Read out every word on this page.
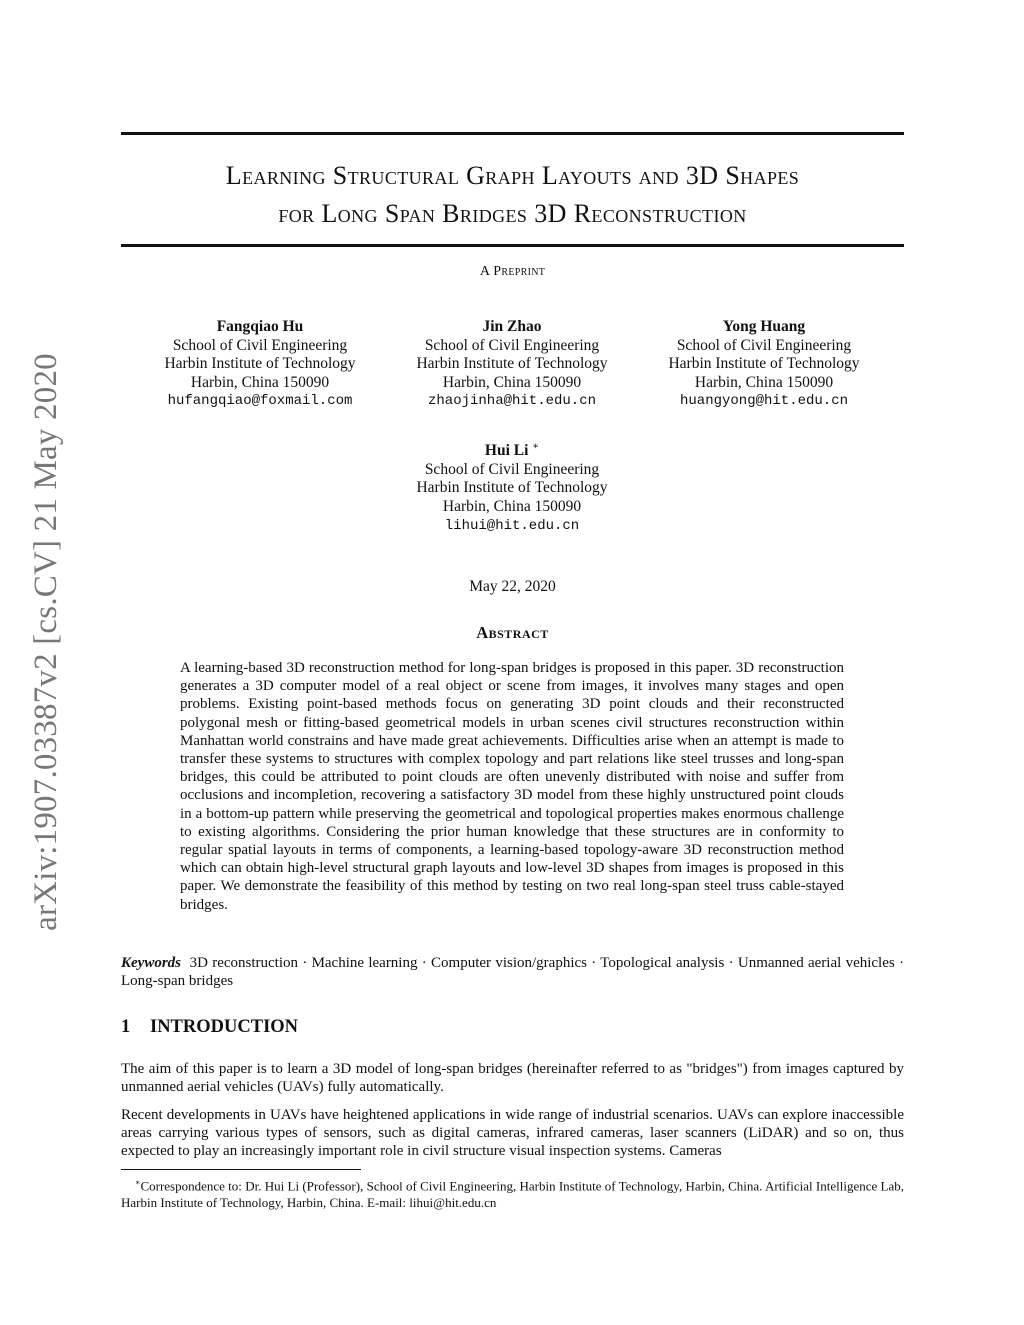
arXiv:1907.03387v2 [cs.CV] 21 May 2020
Learning Structural Graph Layouts and 3D Shapes
for Long Span Bridges 3D Reconstruction
A Preprint
Fangqiao Hu
School of Civil Engineering
Harbin Institute of Technology
Harbin, China 150090
hufangqiao@foxmail.com
Jin Zhao
School of Civil Engineering
Harbin Institute of Technology
Harbin, China 150090
zhaojinha@hit.edu.cn
Yong Huang
School of Civil Engineering
Harbin Institute of Technology
Harbin, China 150090
huangyong@hit.edu.cn
Hui Li ∗
School of Civil Engineering
Harbin Institute of Technology
Harbin, China 150090
lihui@hit.edu.cn
May 22, 2020
Abstract

A learning-based 3D reconstruction method for long-span bridges is proposed in this paper. 3D reconstruction generates a 3D computer model of a real object or scene from images, it involves many stages and open problems. Existing point-based methods focus on generating 3D point clouds and their reconstructed polygonal mesh or fitting-based geometrical models in urban scenes civil structures reconstruction within Manhattan world constrains and have made great achievements. Difficulties arise when an attempt is made to transfer these systems to structures with complex topology and part relations like steel trusses and long-span bridges, this could be attributed to point clouds are often unevenly distributed with noise and suffer from occlusions and incompletion, recovering a satisfactory 3D model from these highly unstructured point clouds in a bottom-up pattern while preserving the geometrical and topological properties makes enormous challenge to existing algorithms. Considering the prior human knowledge that these structures are in conformity to regular spatial layouts in terms of components, a learning-based topology-aware 3D reconstruction method which can obtain high-level structural graph layouts and low-level 3D shapes from images is proposed in this paper. We demonstrate the feasibility of this method by testing on two real long-span steel truss cable-stayed bridges.

Keywords 3D reconstruction · Machine learning · Computer vision/graphics · Topological analysis · Unmanned aerial vehicles · Long-span bridges

1 INTRODUCTION

The aim of this paper is to learn a 3D model of long-span bridges (hereinafter referred to as "bridges") from images captured by unmanned aerial vehicles (UAVs) fully automatically.

Recent developments in UAVs have heightened applications in wide range of industrial scenarios. UAVs can explore inaccessible areas carrying various types of sensors, such as digital cameras, infrared cameras, laser scanners (LiDAR) and so on, thus expected to play an increasingly important role in civil structure visual inspection systems. Cameras

∗Correspondence to: Dr. Hui Li (Professor), School of Civil Engineering, Harbin Institute of Technology, Harbin, China. Artificial Intelligence Lab, Harbin Institute of Technology, Harbin, China. E-mail: lihui@hit.edu.cn
